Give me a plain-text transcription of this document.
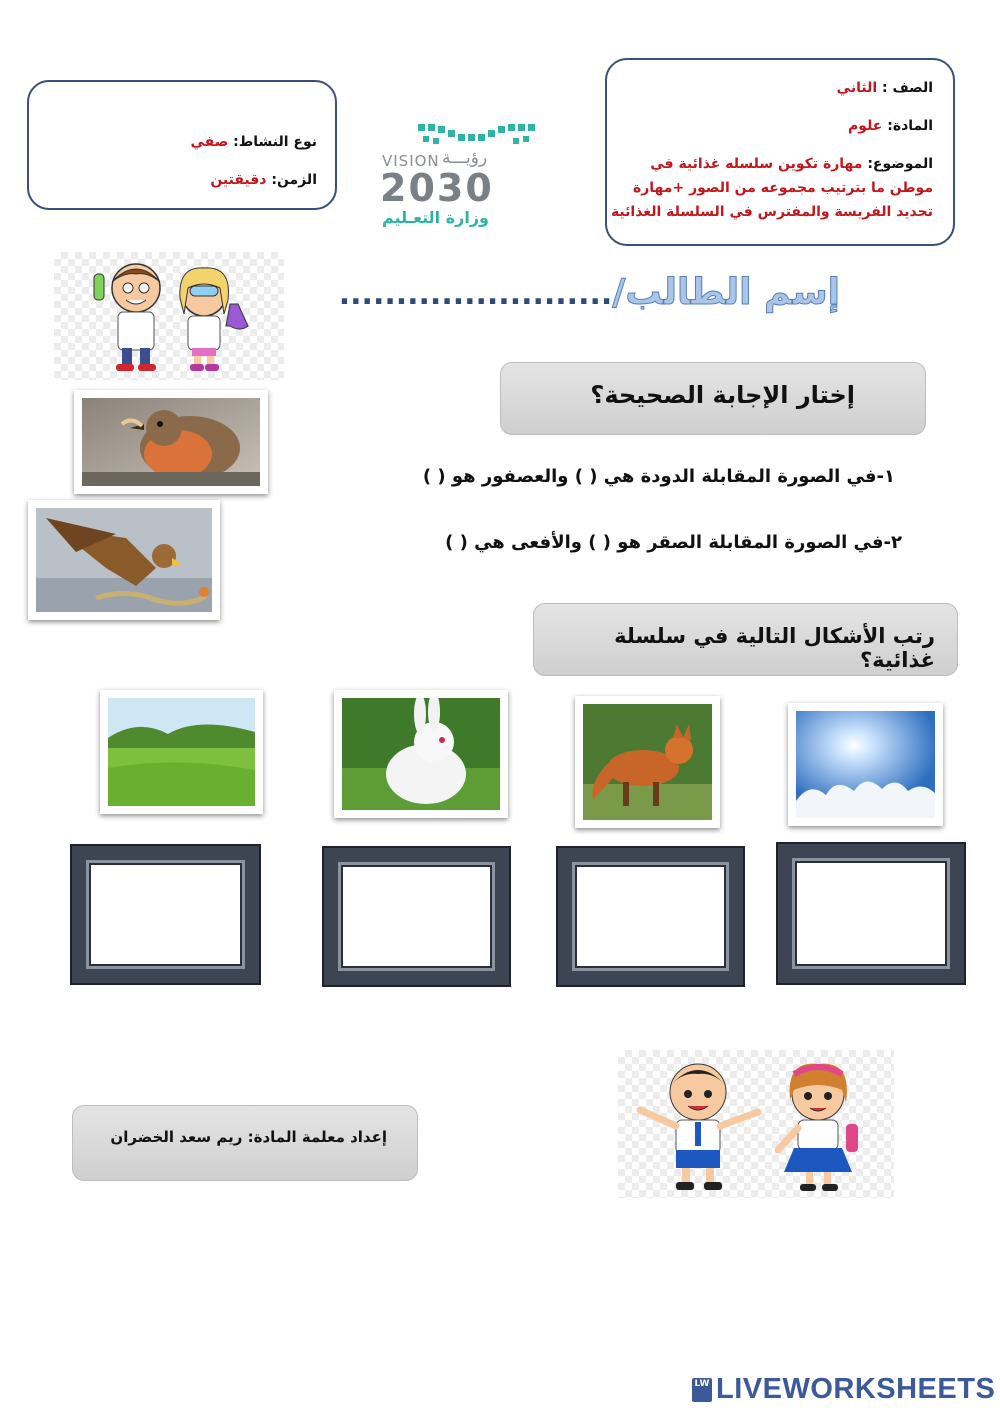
الصف : الثاني
المادة: علوم
الموضوع: مهارة تكوين سلسله غذائية في
موطن ما بترتيب مجموعه من الصور +مهارة
تحديد الفريسة والمفترس في السلسلة الغذائية
نوع النشاط: صفي
الزمن: دقيقتين
VISION رؤيـــة
2030
وزارة التعـليم
إسم الطالب/........................
إختار الإجابة الصحيحة؟
١-في الصورة المقابلة الدودة هي ( ) والعصفور هو ( )
٢-في الصورة المقابلة الصقر هو ( ) والأفعى هي ( )
رتب الأشكال التالية في سلسلة غذائية؟
إعداد معلمة المادة: ريم سعد الخضران
LW LIVEWORKSHEETS
